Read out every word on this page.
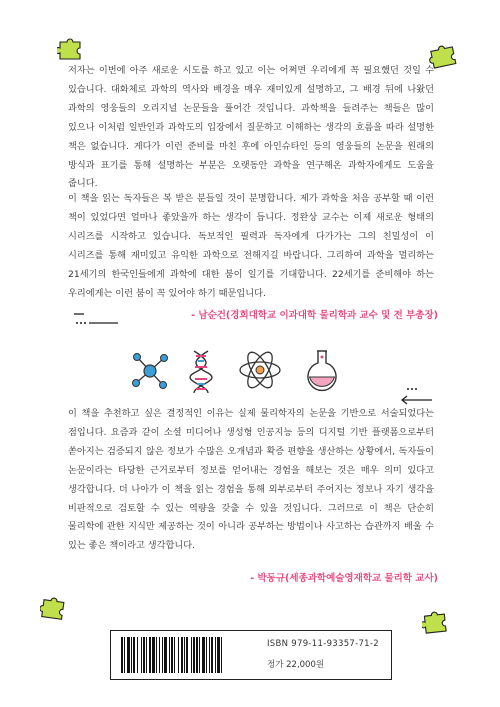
저자는 이번에 아주 새로운 시도를 하고 있고 이는 어쩌면 우리에게 꼭 필요했던 것일 수 있습니다. 대화체로 과학의 역사와 배경을 매우 재미있게 설명하고, 그 배경 뒤에 나왔던 과학의 영웅들의 오리지널 논문들을 풀어간 것입니다. 과학책을 들려주는 책들은 많이 있으나 이처럼 일반인과 과학도의 입장에서 질문하고 이해하는 생각의 흐름을 따라 설명한 책은 없습니다. 게다가 이런 준비를 마친 후에 아인슈타인 등의 영웅들의 논문을 원래의 방식과 표기를 통해 설명하는 부분은 오랫동안 과학을 연구해온 과학자에게도 도움을 줍니다.

이 책을 읽는 독자들은 복 받은 분들일 것이 분명합니다. 제가 과학을 처음 공부할 때 이런 책이 있었다면 얼마나 좋았을까 하는 생각이 듭니다. 정완상 교수는 이제 새로운 형태의 시리즈를 시작하고 있습니다. 독보적인 필력과 독자에게 다가가는 그의 친밀성이 이 시리즈를 통해 재미있고 유익한 과학으로 전해지길 바랍니다. 그리하여 과학을 멀리하는 21세기의 한국인들에게 과학에 대한 붐이 일기를 기대합니다. 22세기를 준비해야 하는 우리에게는 이런 붐이 꼭 있어야 하기 때문입니다.

- 남순건(경희대학교 이과대학 물리학과 교수 및 전 부총장)

이 책을 추천하고 싶은 결정적인 이유는 실제 물리학자의 논문을 기반으로 서술되었다는 점입니다. 요즘과 같이 소셜 미디어나 생성형 인공지능 등의 디지털 기반 플랫폼으로부터 쏟아지는 검증되지 않은 정보가 수많은 오개념과 확증 편향을 생산하는 상황에서, 독자들이 논문이라는 타당한 근거로부터 정보를 얻어내는 경험을 해보는 것은 매우 의미 있다고 생각합니다. 더 나아가 이 책을 읽는 경험을 통해 외부로부터 주어지는 정보나 자기 생각을 비판적으로 검토할 수 있는 역량을 갖출 수 있을 것입니다. 그러므로 이 책은 단순히 물리학에 관한 지식만 제공하는 것이 아니라 공부하는 방법이나 사고하는 습관까지 배울 수 있는 좋은 책이라고 생각합니다.

- 박동규(세종과학예술영재학교 물리학 교사)
ISBN 979-11-93357-71-2
정가 22,000원
